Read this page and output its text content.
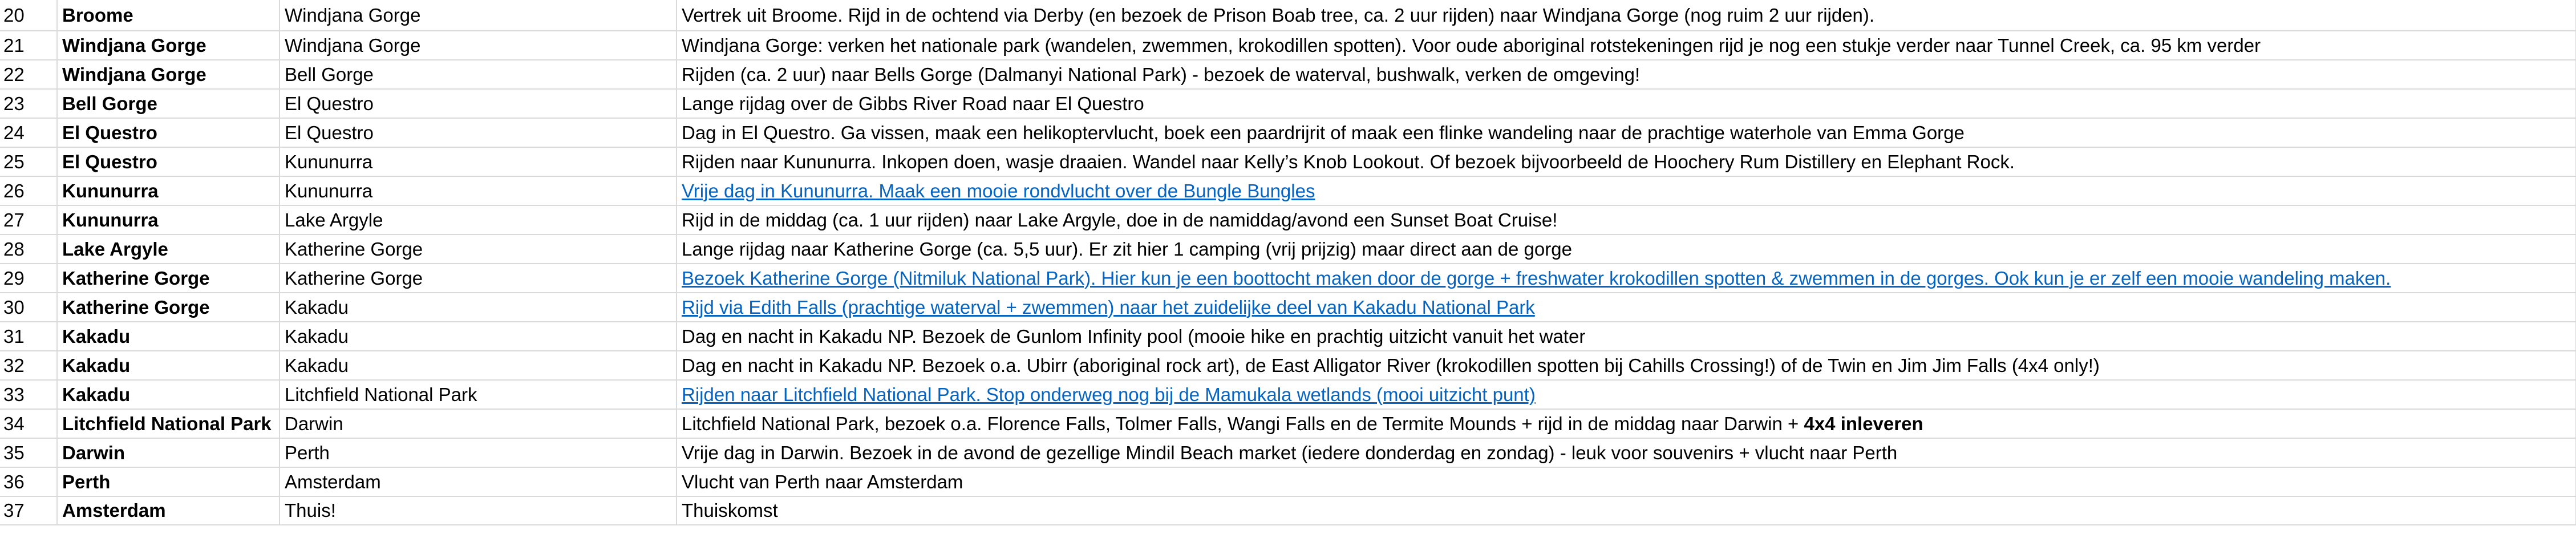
20	Broome	Windjana Gorge	Vertrek uit Broome. Rijd in de ochtend via Derby (en bezoek de Prison Boab tree, ca. 2 uur rijden) naar Windjana Gorge (nog ruim 2 uur rijden).
21	Windjana Gorge	Windjana Gorge	Windjana Gorge: verken het nationale park (wandelen, zwemmen, krokodillen spotten). Voor oude aboriginal rotstekeningen rijd je nog een stukje verder naar Tunnel Creek, ca. 95 km verder
22	Windjana Gorge	Bell Gorge	Rijden (ca. 2 uur) naar Bells Gorge (Dalmanyi National Park) - bezoek de waterval, bushwalk, verken de omgeving!
23	Bell Gorge	El Questro	Lange rijdag over de Gibbs River Road naar El Questro
24	El Questro	El Questro	Dag in El Questro. Ga vissen, maak een helikoptervlucht, boek een paardrijrit of maak een flinke wandeling naar de prachtige waterhole van Emma Gorge
25	El Questro	Kununurra	Rijden naar Kununurra. Inkopen doen, wasje draaien. Wandel naar Kelly’s Knob Lookout. Of bezoek bijvoorbeeld de Hoochery Rum Distillery en Elephant Rock.
26	Kununurra	Kununurra	Vrije dag in Kununurra. Maak een mooie rondvlucht over de Bungle Bungles
27	Kununurra	Lake Argyle	Rijd in de middag (ca. 1 uur rijden) naar Lake Argyle, doe in de namiddag/avond een Sunset Boat Cruise!
28	Lake Argyle	Katherine Gorge	Lange rijdag naar Katherine Gorge (ca. 5,5 uur). Er zit hier 1 camping (vrij prijzig) maar direct aan de gorge
29	Katherine Gorge	Katherine Gorge	Bezoek Katherine Gorge (Nitmiluk National Park). Hier kun je een boottocht maken door de gorge + freshwater krokodillen spotten & zwemmen in de gorges. Ook kun je er zelf een mooie wandeling maken.
30	Katherine Gorge	Kakadu	Rijd via Edith Falls (prachtige waterval + zwemmen) naar het zuidelijke deel van Kakadu National Park
31	Kakadu	Kakadu	Dag en nacht in Kakadu NP. Bezoek de Gunlom Infinity pool (mooie hike en prachtig uitzicht vanuit het water
32	Kakadu	Kakadu	Dag en nacht in Kakadu NP. Bezoek o.a. Ubirr (aboriginal rock art), de East Alligator River (krokodillen spotten bij Cahills Crossing!) of de Twin en Jim Jim Falls (4x4 only!)
33	Kakadu	Litchfield National Park	Rijden naar Litchfield National Park. Stop onderweg nog bij de Mamukala wetlands (mooi uitzicht punt)
34	Litchfield National Park	Darwin	Litchfield National Park, bezoek o.a. Florence Falls, Tolmer Falls, Wangi Falls en de Termite Mounds + rijd in de middag naar Darwin + 4x4 inleveren
35	Darwin	Perth	Vrije dag in Darwin. Bezoek in de avond de gezellige Mindil Beach market (iedere donderdag en zondag) - leuk voor souvenirs + vlucht naar Perth
36	Perth	Amsterdam	Vlucht van Perth naar Amsterdam
37	Amsterdam	Thuis!	Thuiskomst
